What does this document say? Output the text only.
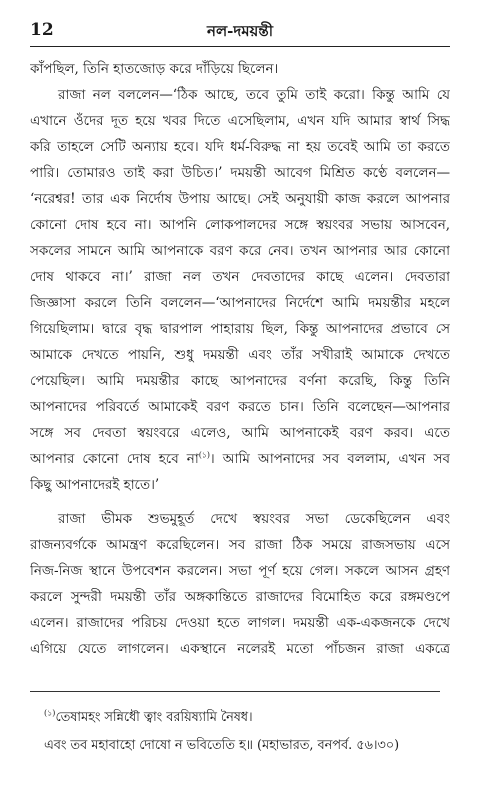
12	নল-দময়ন্তী
কাঁপছিল, তিনি হাতজোড় করে দাঁড়িয়ে ছিলেন।
রাজা নল বললেন—‘ঠিক আছে, তবে তুমি তাই করো। কিন্তু আমি যে
এখানে ওঁদের দূত হয়ে খবর দিতে এসেছিলাম, এখন যদি আমার স্বার্থ সিদ্ধ
করি তাহলে সেটি অন্যায় হবে। যদি ধর্ম-বিরুদ্ধ না হয় তবেই আমি তা করতে
পারি। তোমারও তাই করা উচিত।’ দময়ন্তী আবেগ মিশ্রিত কণ্ঠে বললেন—
‘নরেশ্বর! তার এক নির্দোষ উপায় আছে। সেই অনুযায়ী কাজ করলে আপনার
কোনো দোষ হবে না। আপনি লোকপালদের সঙ্গে স্বয়ংবর সভায় আসবেন,
সকলের সামনে আমি আপনাকে বরণ করে নেব। তখন আপনার আর কোনো
দোষ থাকবে না।’ রাজা নল তখন দেবতাদের কাছে এলেন। দেবতারা
জিজ্ঞাসা করলে তিনি বললেন—‘আপনাদের নির্দেশে আমি দময়ন্তীর মহলে
গিয়েছিলাম। দ্বারে বৃদ্ধ দ্বারপাল পাহারায় ছিল, কিন্তু আপনাদের প্রভাবে সে
আমাকে দেখতে পায়নি, শুধু দময়ন্তী এবং তাঁর সখীরাই আমাকে দেখতে
পেয়েছিল। আমি দময়ন্তীর কাছে আপনাদের বর্ণনা করেছি, কিন্তু তিনি
আপনাদের পরিবর্তে আমাকেই বরণ করতে চান। তিনি বলেছেন—আপনার
সঙ্গে সব দেবতা স্বয়ংবরে এলেও, আমি আপনাকেই বরণ করব। এতে
আপনার কোনো দোষ হবে না$^{(১)}$। আমি আপনাদের সব বললাম, এখন সব
কিছু আপনাদেরই হাতে।’
রাজা ভীমক শুভমুহূর্ত দেখে স্বয়ংবর সভা ডেকেছিলেন এবং
রাজন্যবর্গকে আমন্ত্রণ করেছিলেন। সব রাজা ঠিক সময়ে রাজসভায় এসে
নিজ-নিজ স্থানে উপবেশন করলেন। সভা পূর্ণ হয়ে গেল। সকলে আসন গ্রহণ
করলে সুন্দরী দময়ন্তী তাঁর অঙ্গকান্তিতে রাজাদের বিমোহিত করে রঙ্গমণ্ডপে
এলেন। রাজাদের পরিচয় দেওয়া হতে লাগল। দময়ন্তী এক-একজনকে দেখে
এগিয়ে যেতে লাগলেন। একস্থানে নলেরই মতো পাঁচজন রাজা একত্রে
$^{(১)}$তেষামহং সন্নিধৌ ত্বাং বরয়িষ্যামি নৈষধ।
এবং তব মহাবাহো দোষো ন ভবিতেতি হ॥ (মহাভারত, বনপর্ব. ৫৬।৩০)
